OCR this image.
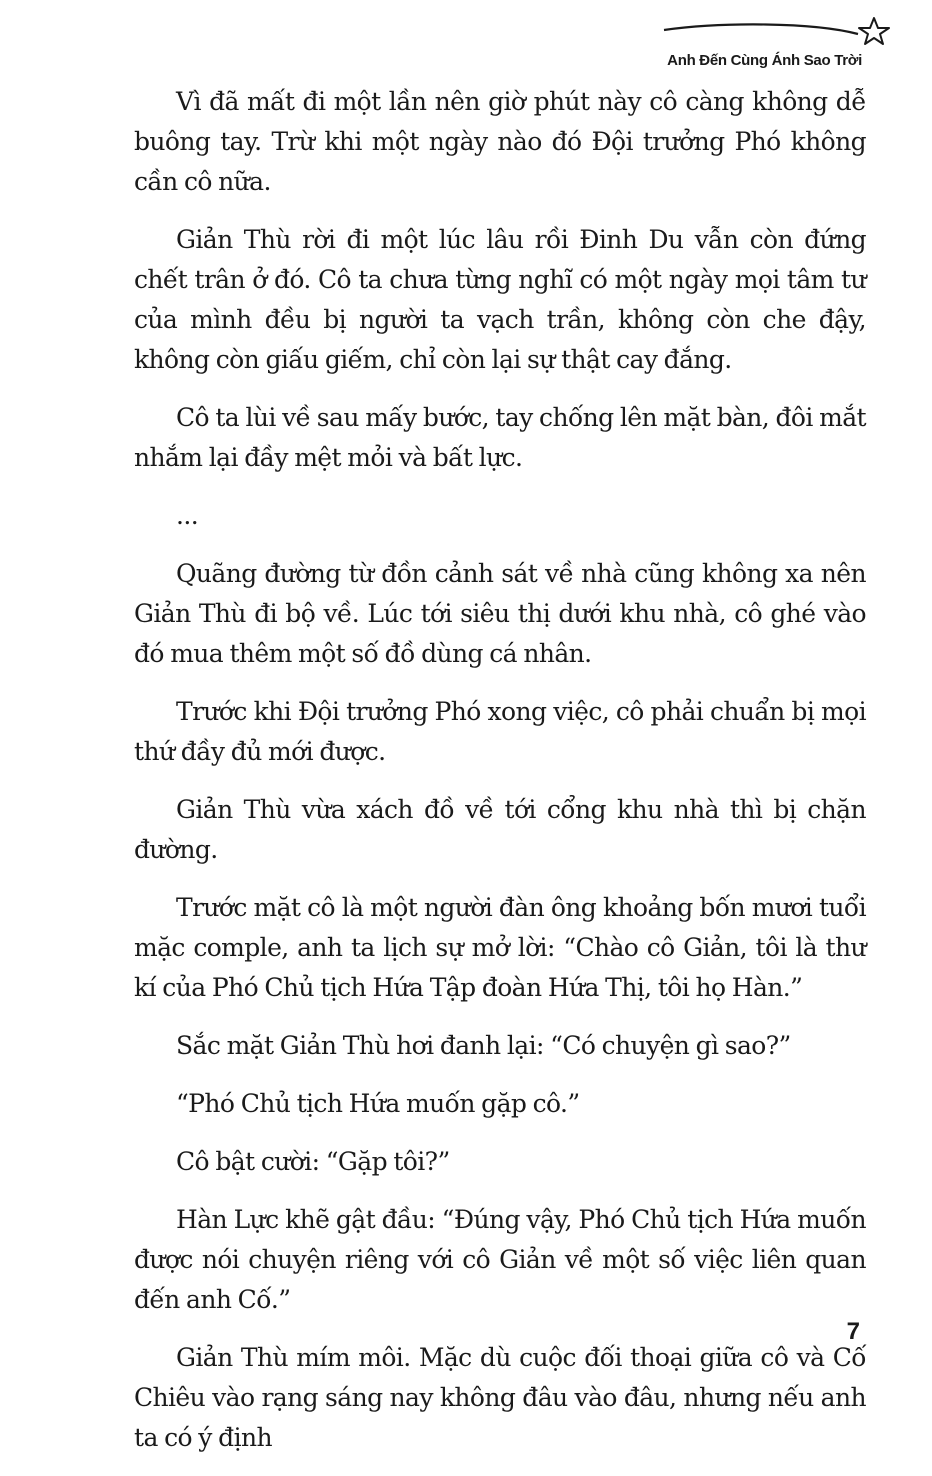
Anh Đến Cùng Ánh Sao Trời

Vì đã mất đi một lần nên giờ phút này cô càng không dễ buông tay. Trừ khi một ngày nào đó Đội trưởng Phó không cần cô nữa.

Giản Thù rời đi một lúc lâu rồi Đinh Du vẫn còn đứng chết trân ở đó. Cô ta chưa từng nghĩ có một ngày mọi tâm tư của mình đều bị người ta vạch trần, không còn che đậy, không còn giấu giếm, chỉ còn lại sự thật cay đắng.

Cô ta lùi về sau mấy bước, tay chống lên mặt bàn, đôi mắt nhắm lại đầy mệt mỏi và bất lực.

...

Quãng đường từ đồn cảnh sát về nhà cũng không xa nên Giản Thù đi bộ về. Lúc tới siêu thị dưới khu nhà, cô ghé vào đó mua thêm một số đồ dùng cá nhân.

Trước khi Đội trưởng Phó xong việc, cô phải chuẩn bị mọi thứ đầy đủ mới được.

Giản Thù vừa xách đồ về tới cổng khu nhà thì bị chặn đường.

Trước mặt cô là một người đàn ông khoảng bốn mươi tuổi mặc comple, anh ta lịch sự mở lời: “Chào cô Giản, tôi là thư kí của Phó Chủ tịch Hứa Tập đoàn Hứa Thị, tôi họ Hàn.”

Sắc mặt Giản Thù hơi đanh lại: “Có chuyện gì sao?”

“Phó Chủ tịch Hứa muốn gặp cô.”

Cô bật cười: “Gặp tôi?”

Hàn Lực khẽ gật đầu: “Đúng vậy, Phó Chủ tịch Hứa muốn được nói chuyện riêng với cô Giản về một số việc liên quan đến anh Cố.”

Giản Thù mím môi. Mặc dù cuộc đối thoại giữa cô và Cố Chiêu vào rạng sáng nay không đâu vào đâu, nhưng nếu anh ta có ý định

7
